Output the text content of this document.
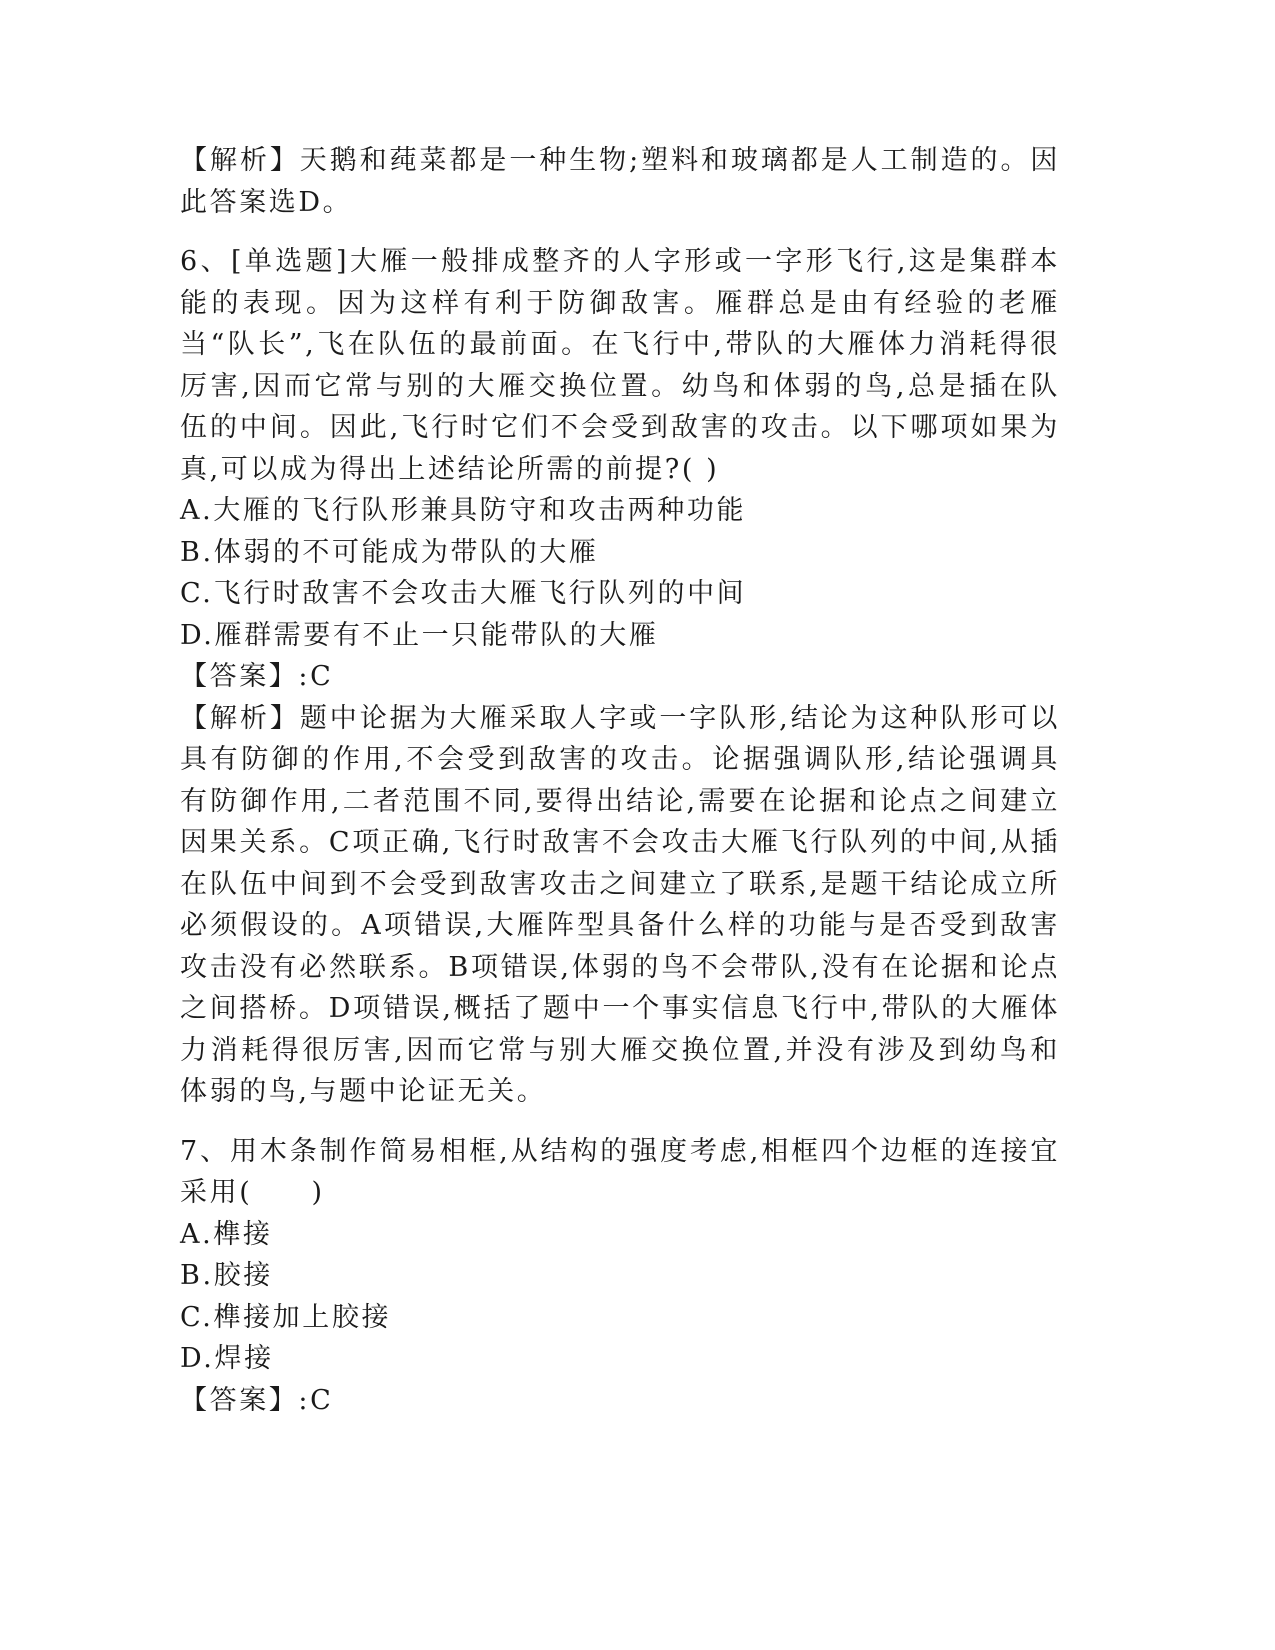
【解析】天鹅和莼菜都是一种生物;塑料和玻璃都是人工制造的。因此答案选D。

6、[单选题]大雁一般排成整齐的人字形或一字形飞行,这是集群本能的表现。因为这样有利于防御敌害。雁群总是由有经验的老雁当“队长”,飞在队伍的最前面。在飞行中,带队的大雁体力消耗得很厉害,因而它常与别的大雁交换位置。幼鸟和体弱的鸟,总是插在队伍的中间。因此,飞行时它们不会受到敌害的攻击。以下哪项如果为真,可以成为得出上述结论所需的前提?( )

A.大雁的飞行队形兼具防守和攻击两种功能

B.体弱的不可能成为带队的大雁

C.飞行时敌害不会攻击大雁飞行队列的中间

D.雁群需要有不止一只能带队的大雁

【答案】:C

【解析】题中论据为大雁采取人字或一字队形,结论为这种队形可以具有防御的作用,不会受到敌害的攻击。论据强调队形,结论强调具有防御作用,二者范围不同,要得出结论,需要在论据和论点之间建立因果关系。C项正确,飞行时敌害不会攻击大雁飞行队列的中间,从插在队伍中间到不会受到敌害攻击之间建立了联系,是题干结论成立所必须假设的。A项错误,大雁阵型具备什么样的功能与是否受到敌害攻击没有必然联系。B项错误,体弱的鸟不会带队,没有在论据和论点之间搭桥。D项错误,概括了题中一个事实信息飞行中,带队的大雁体力消耗得很厉害,因而它常与别大雁交换位置,并没有涉及到幼鸟和体弱的鸟,与题中论证无关。

7、用木条制作简易相框,从结构的强度考虑,相框四个边框的连接宜采用(　　)

A.榫接

B.胶接

C.榫接加上胶接

D.焊接

【答案】:C
